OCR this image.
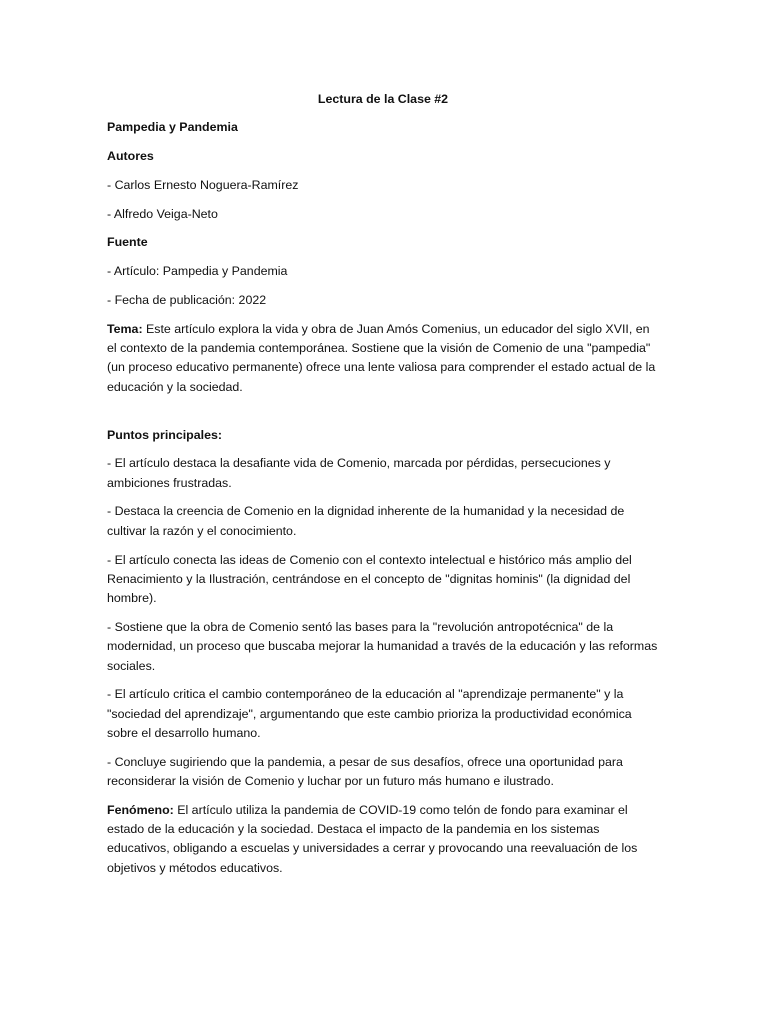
Lectura de la Clase #2

Pampedia y Pandemia

Autores

- Carlos Ernesto Noguera-Ramírez

- Alfredo Veiga-Neto

Fuente

- Artículo: Pampedia y Pandemia

- Fecha de publicación: 2022

Tema: Este artículo explora la vida y obra de Juan Amós Comenius, un educador del siglo XVII, en el contexto de la pandemia contemporánea. Sostiene que la visión de Comenio de una "pampedia" (un proceso educativo permanente) ofrece una lente valiosa para comprender el estado actual de la educación y la sociedad.

Puntos principales:

- El artículo destaca la desafiante vida de Comenio, marcada por pérdidas, persecuciones y ambiciones frustradas.

- Destaca la creencia de Comenio en la dignidad inherente de la humanidad y la necesidad de cultivar la razón y el conocimiento.

- El artículo conecta las ideas de Comenio con el contexto intelectual e histórico más amplio del Renacimiento y la Ilustración, centrándose en el concepto de "dignitas hominis" (la dignidad del hombre).

- Sostiene que la obra de Comenio sentó las bases para la "revolución antropotécnica" de la modernidad, un proceso que buscaba mejorar la humanidad a través de la educación y las reformas sociales.

- El artículo critica el cambio contemporáneo de la educación al "aprendizaje permanente" y la "sociedad del aprendizaje", argumentando que este cambio prioriza la productividad económica sobre el desarrollo humano.

- Concluye sugiriendo que la pandemia, a pesar de sus desafíos, ofrece una oportunidad para reconsiderar la visión de Comenio y luchar por un futuro más humano e ilustrado.

Fenómeno: El artículo utiliza la pandemia de COVID-19 como telón de fondo para examinar el estado de la educación y la sociedad. Destaca el impacto de la pandemia en los sistemas educativos, obligando a escuelas y universidades a cerrar y provocando una reevaluación de los objetivos y métodos educativos.
